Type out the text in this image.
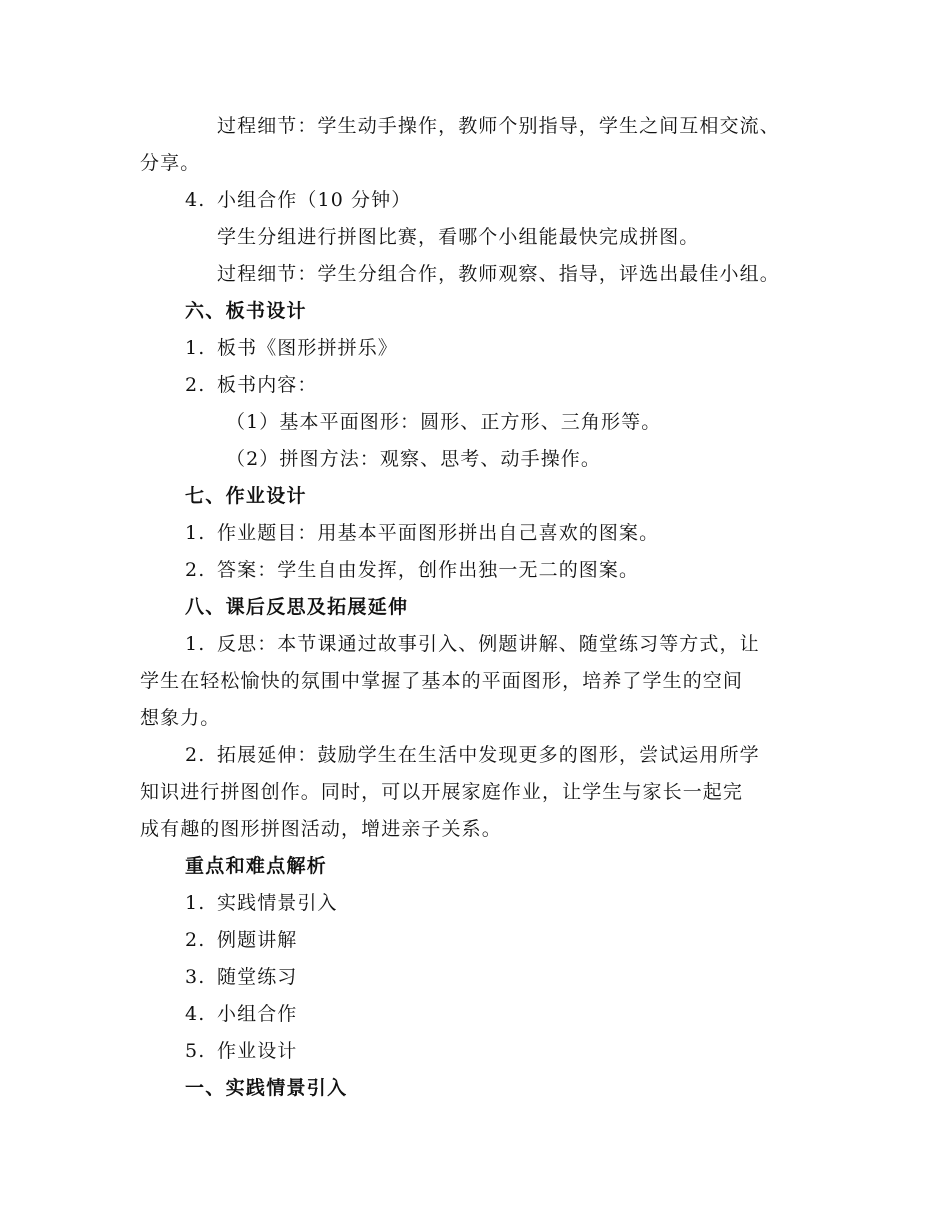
过程细节：学生动手操作，教师个别指导，学生之间互相交流、
分享。
4. 小组合作（10 分钟）
学生分组进行拼图比赛，看哪个小组能最快完成拼图。
过程细节：学生分组合作，教师观察、指导，评选出最佳小组。
六、板书设计
1. 板书《图形拼拼乐》
2. 板书内容：
（1）基本平面图形：圆形、正方形、三角形等。
（2）拼图方法：观察、思考、动手操作。
七、作业设计
1. 作业题目：用基本平面图形拼出自己喜欢的图案。
2. 答案：学生自由发挥，创作出独一无二的图案。
八、课后反思及拓展延伸
1. 反思：本节课通过故事引入、例题讲解、随堂练习等方式，让
学生在轻松愉快的氛围中掌握了基本的平面图形，培养了学生的空间
想象力。
2. 拓展延伸：鼓励学生在生活中发现更多的图形，尝试运用所学
知识进行拼图创作。同时，可以开展家庭作业，让学生与家长一起完
成有趣的图形拼图活动，增进亲子关系。
重点和难点解析
1. 实践情景引入
2. 例题讲解
3. 随堂练习
4. 小组合作
5. 作业设计
一、实践情景引入
